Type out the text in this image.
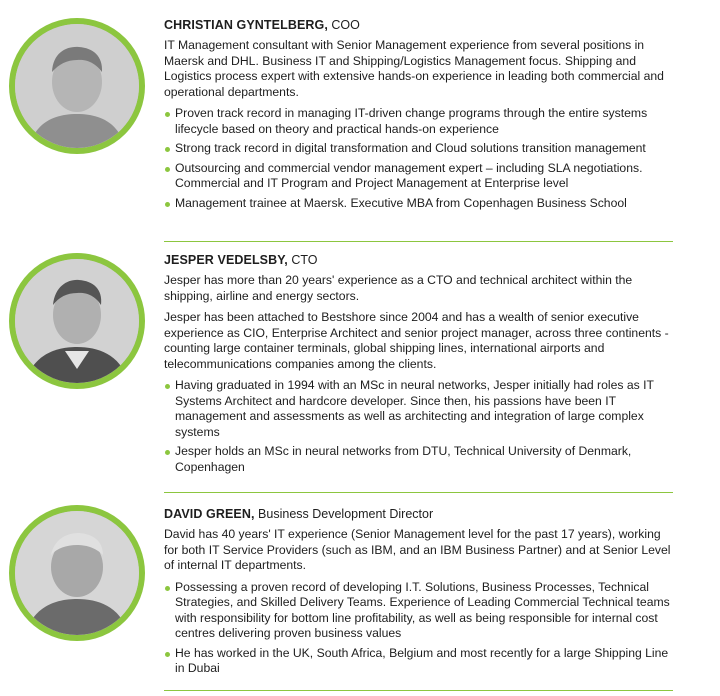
CHRISTIAN GYNTELBERG, COO

IT Management consultant with Senior Management experience from several positions in Maersk and DHL. Business IT and Shipping/Logistics Management focus. Shipping and Logistics process expert with extensive hands-on experience in leading both commercial and operational departments.

Proven track record in managing IT-driven change programs through the entire systems lifecycle based on theory and practical hands-on experience
Strong track record in digital transformation and Cloud solutions transition management
Outsourcing and commercial vendor management expert – including SLA negotiations. Commercial and IT Program and Project Management at Enterprise level
Management trainee at Maersk. Executive MBA from Copenhagen Business School
JESPER VEDELSBY, CTO

Jesper has more than 20 years' experience as a CTO and technical architect within the shipping, airline and energy sectors.

Jesper has been attached to Bestshore since 2004 and has a wealth of senior executive experience as CIO, Enterprise Architect and senior project manager, across three continents - counting large container terminals, global shipping lines, international airports and telecommunications companies among the clients.

Having graduated in 1994 with an MSc in neural networks, Jesper initially had roles as IT Systems Architect and hardcore developer. Since then, his passions have been IT management and assessments as well as architecting and integration of large complex systems
Jesper holds an MSc in neural networks from DTU, Technical University of Denmark, Copenhagen
DAVID GREEN, Business Development Director

David has 40 years' IT experience (Senior Management level for the past 17 years), working for both IT Service Providers (such as IBM, and an IBM Business Partner) and at Senior Level of internal IT departments.

Possessing a proven record of developing I.T. Solutions, Business Processes, Technical Strategies, and Skilled Delivery Teams. Experience of Leading Commercial Technical teams with responsibility for bottom line profitability, as well as being responsible for internal cost centres delivering proven business values
He has worked in the UK, South Africa, Belgium and most recently for a large Shipping Line in Dubai
